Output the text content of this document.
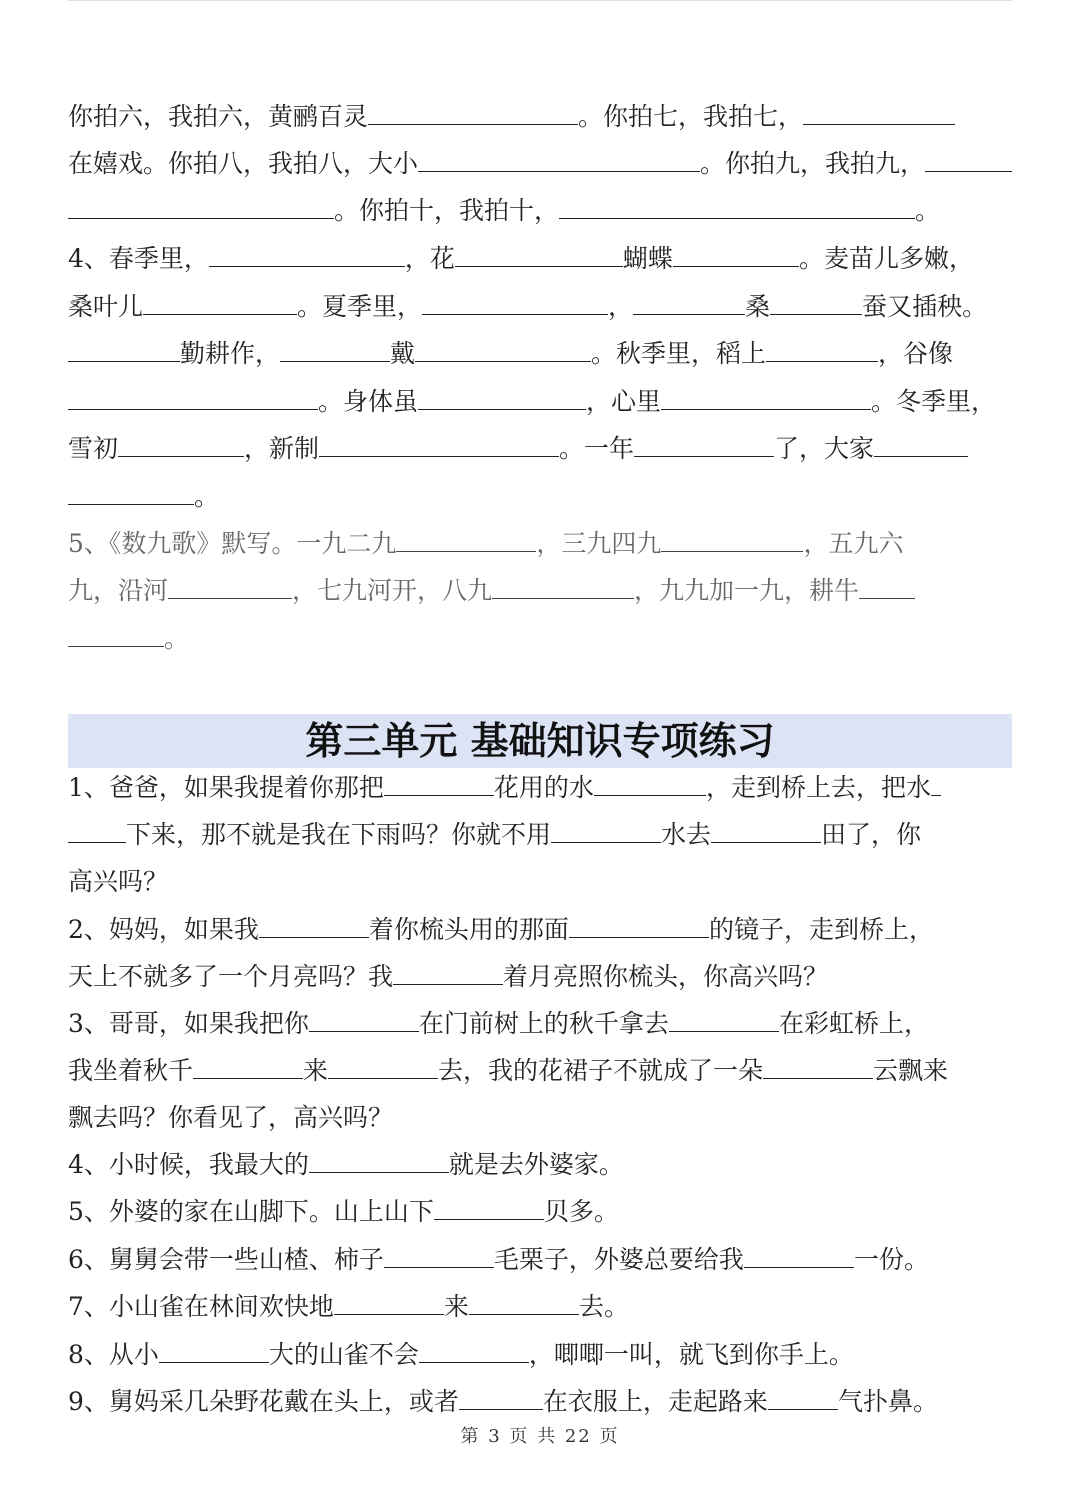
你拍六，我拍六，黄鹂百灵	。你拍七，我拍七，
在嬉戏。你拍八，我拍八，大小	。你拍九，我拍九，
。你拍十，我拍十，	。
4、春季里，	，花	蝴蝶	。麦苗儿多嫩，
桑叶儿	。夏季里，	，	桑	蚕又插秧。
勤耕作，	戴	。秋季里，稻上	，谷像
。身体虽	，心里	。冬季里，
雪初	，新制	。一年	了，大家
。
5、《数九歌》默写。一九二九	，三九四九	，五九六
九，沿河	，七九河开，八九	，九九加一九，耕牛
。
第三单元 基础知识专项练习
1、爸爸，如果我提着你那把	花用的水	，走到桥上去，把水
下来，那不就是我在下雨吗？你就不用	水去	田了，你
高兴吗？
2、妈妈，如果我	着你梳头用的那面	的镜子，走到桥上，
天上不就多了一个月亮吗？我	着月亮照你梳头，你高兴吗？
3、哥哥，如果我把你	在门前树上的秋千拿去	在彩虹桥上，
我坐着秋千	来	去，我的花裙子不就成了一朵	云飘来
飘去吗？你看见了，高兴吗？
4、小时候，我最大的	就是去外婆家。
5、外婆的家在山脚下。山上山下	贝多。
6、舅舅会带一些山楂、柿子	毛栗子，外婆总要给我	一份。
7、小山雀在林间欢快地	来	去。
8、从小	大的山雀不会	，唧唧一叫，就飞到你手上。
9、舅妈采几朵野花戴在头上，或者	在衣服上，走起路来	气扑鼻。
第 3 页 共 22 页
